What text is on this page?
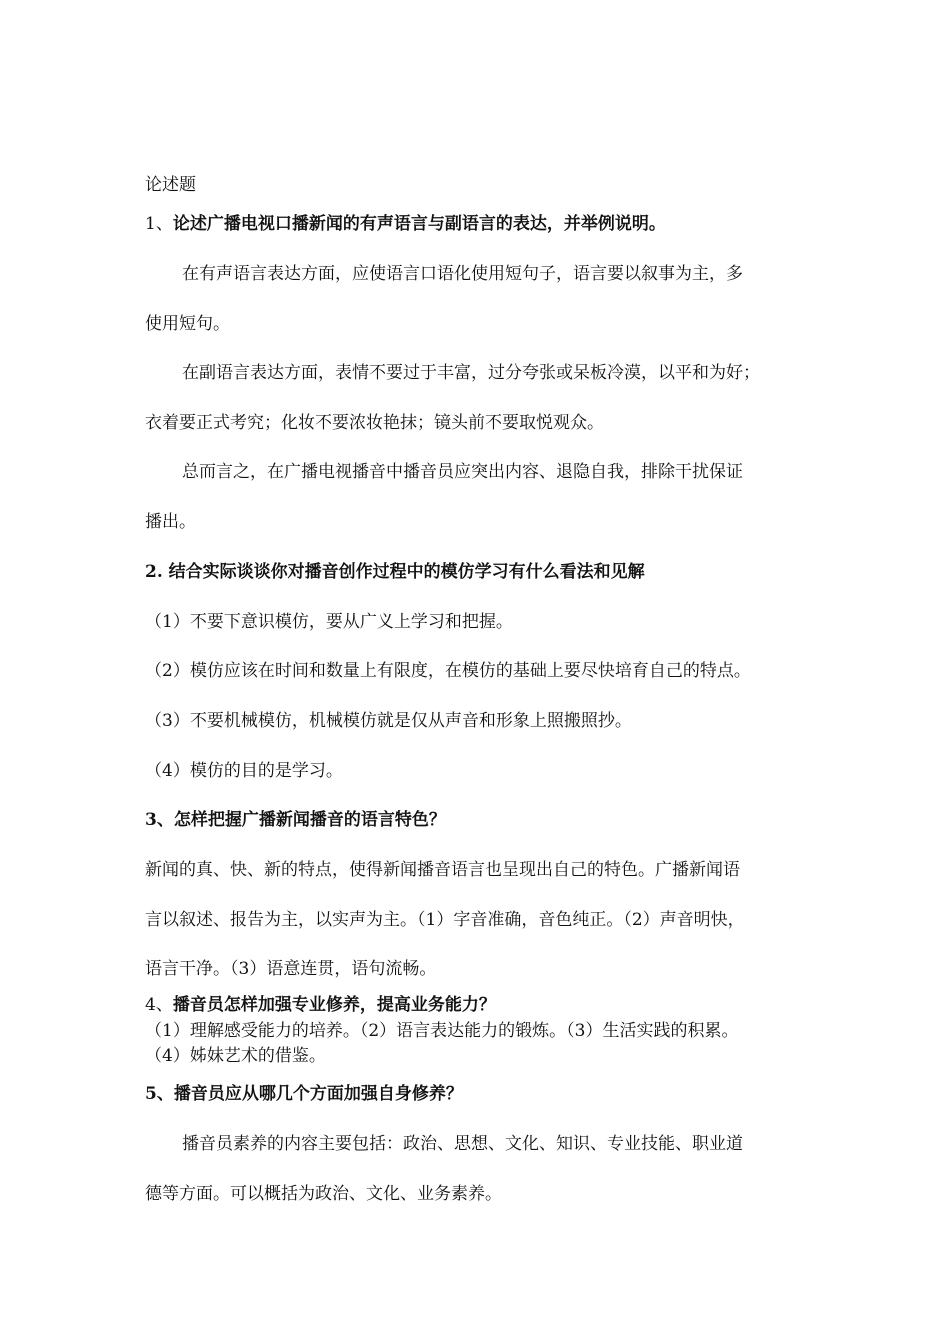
论述题
1、论述广播电视口播新闻的有声语言与副语言的表达，并举例说明。
在有声语言表达方面，应使语言口语化使用短句子，语言要以叙事为主，多
使用短句。
在副语言表达方面，表情不要过于丰富，过分夸张或呆板冷漠，以平和为好；
衣着要正式考究；化妆不要浓妆艳抹；镜头前不要取悦观众。
总而言之，在广播电视播音中播音员应突出内容、退隐自我，排除干扰保证
播出。
2. 结合实际谈谈你对播音创作过程中的模仿学习有什么看法和见解
（1）不要下意识模仿，要从广义上学习和把握。
（2）模仿应该在时间和数量上有限度，在模仿的基础上要尽快培育自己的特点。
（3）不要机械模仿，机械模仿就是仅从声音和形象上照搬照抄。
（4）模仿的目的是学习。
3、怎样把握广播新闻播音的语言特色？
新闻的真、快、新的特点，使得新闻播音语言也呈现出自己的特色。广播新闻语
言以叙述、报告为主，以实声为主。（1）字音准确，音色纯正。（2）声音明快，
语言干净。（3）语意连贯，语句流畅。
4、播音员怎样加强专业修养，提高业务能力？
（1）理解感受能力的培养。（2）语言表达能力的锻炼。（3）生活实践的积累。
（4）姊妹艺术的借鉴。
5、播音员应从哪几个方面加强自身修养？
播音员素养的内容主要包括：政治、思想、文化、知识、专业技能、职业道
德等方面。可以概括为政治、文化、业务素养。
